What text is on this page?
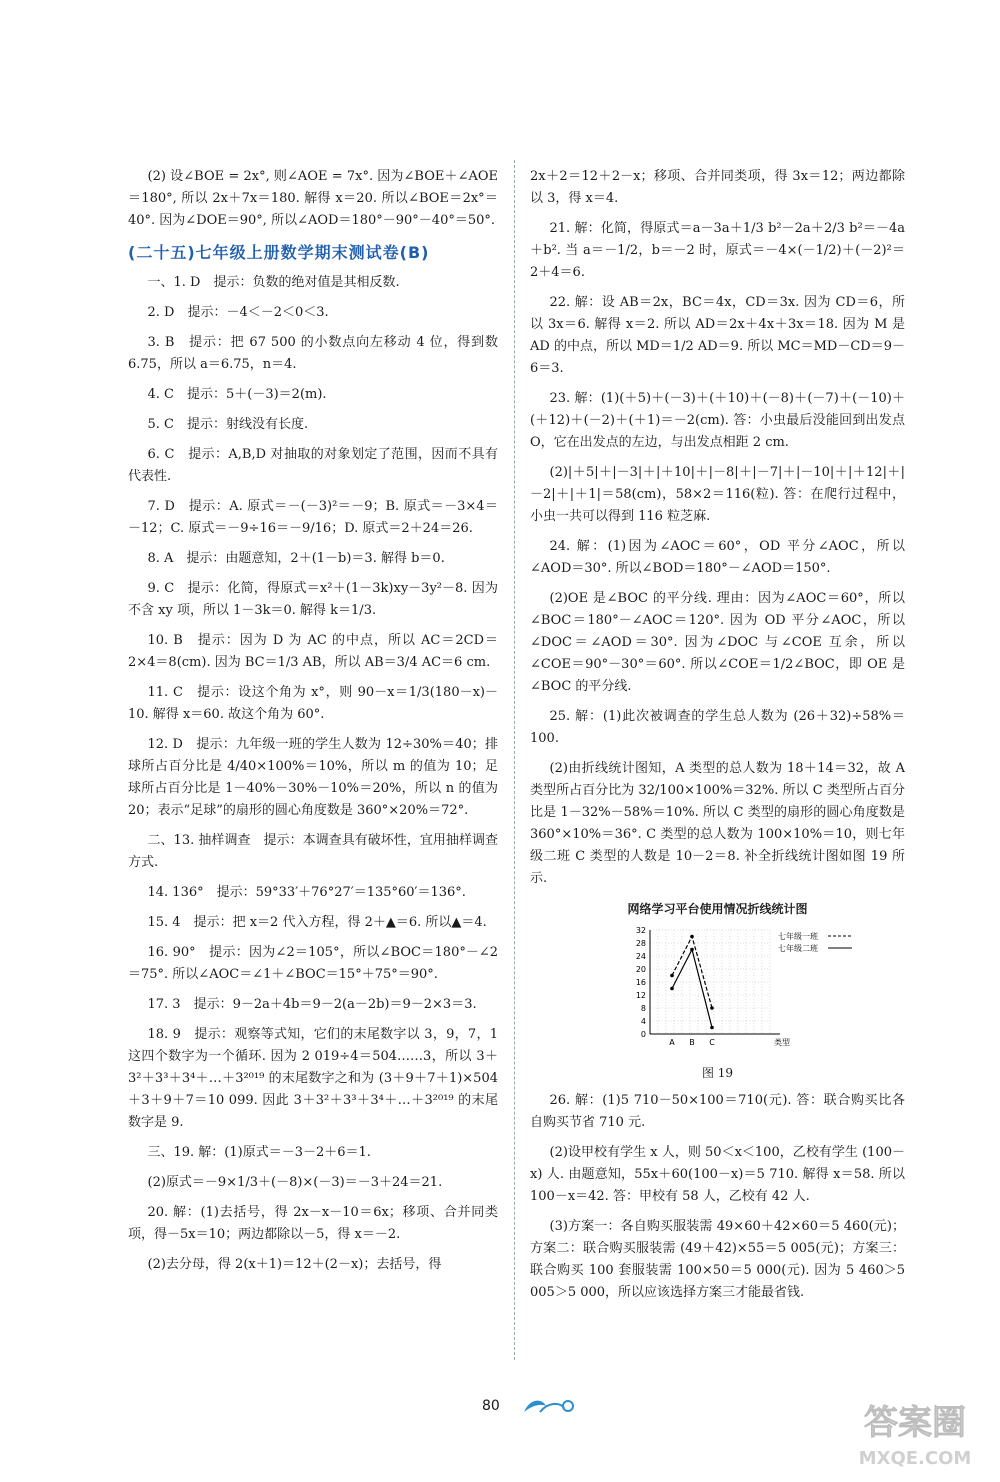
(2) 设∠BOE = 2x°, 则∠AOE = 7x°. 因为∠BOE＋∠AOE＝180°, 所以 2x＋7x＝180. 解得 x＝20. 所以∠BOE＝2x°＝40°. 因为∠DOE＝90°, 所以∠AOD＝180°－90°－40°＝50°.

(二十五)七年级上册数学期末测试卷(B)

一、1. D　提示：负数的绝对值是其相反数.

2. D　提示：－4＜－2＜0＜3.

3. B　提示：把 67 500 的小数点向左移动 4 位，得到数 6.75，所以 a＝6.75，n＝4.

4. C　提示：5＋(－3)＝2(m).

5. C　提示：射线没有长度.

6. C　提示：A,B,D 对抽取的对象划定了范围，因而不具有代表性.

7. D　提示：A. 原式＝－(－3)²＝－9；B. 原式＝－3×4＝－12；C. 原式＝－9÷16＝－9/16；D. 原式＝2＋24＝26.

8. A　提示：由题意知，2＋(1－b)＝3. 解得 b＝0.

9. C　提示：化简，得原式＝x²＋(1－3k)xy－3y²－8. 因为不含 xy 项，所以 1－3k＝0. 解得 k＝1/3.

10. B　提示：因为 D 为 AC 的中点，所以 AC＝2CD＝2×4＝8(cm). 因为 BC＝1/3 AB，所以 AB＝3/4 AC＝6 cm.

11. C　提示：设这个角为 x°，则 90－x＝1/3(180－x)－10. 解得 x＝60. 故这个角为 60°.

12. D　提示：九年级一班的学生人数为 12÷30%＝40；排球所占百分比是 4/40×100%＝10%，所以 m 的值为 10；足球所占百分比是 1－40%－30%－10%＝20%，所以 n 的值为 20；表示“足球”的扇形的圆心角度数是 360°×20%＝72°.

二、13. 抽样调查　提示：本调查具有破坏性，宜用抽样调查方式.

14. 136°　提示：59°33′＋76°27′＝135°60′＝136°.

15. 4　提示：把 x＝2 代入方程，得 2＋▲＝6. 所以▲＝4.

16. 90°　提示：因为∠2＝105°，所以∠BOC＝180°－∠2＝75°. 所以∠AOC＝∠1＋∠BOC＝15°＋75°＝90°.

17. 3　提示：9－2a＋4b＝9－2(a－2b)＝9－2×3＝3.

18. 9　提示：观察等式知，它们的末尾数字以 3，9，7，1 这四个数字为一个循环. 因为 2 019÷4＝504……3，所以 3＋3²＋3³＋3⁴＋…＋3²⁰¹⁹ 的末尾数字之和为 (3＋9＋7＋1)×504＋3＋9＋7＝10 099. 因此 3＋3²＋3³＋3⁴＋…＋3²⁰¹⁹ 的末尾数字是 9.

三、19. 解：(1)原式＝－3－2＋6＝1.

(2)原式＝－9×1/3＋(－8)×(－3)＝－3＋24＝21.

20. 解：(1)去括号，得 2x－x－10＝6x；移项、合并同类项，得－5x＝10；两边都除以－5，得 x＝－2.

(2)去分母，得 2(x＋1)＝12＋(2－x)；去括号，得

2x＋2＝12＋2－x；移项、合并同类项，得 3x＝12；两边都除以 3，得 x＝4.

21. 解：化简，得原式＝a－3a＋1/3 b²－2a＋2/3 b²＝－4a＋b². 当 a＝－1/2，b＝－2 时，原式＝－4×(－1/2)＋(－2)²＝2＋4＝6.

22. 解：设 AB＝2x，BC＝4x，CD＝3x. 因为 CD＝6，所以 3x＝6. 解得 x＝2. 所以 AD＝2x＋4x＋3x＝18. 因为 M 是 AD 的中点，所以 MD＝1/2 AD＝9. 所以 MC＝MD－CD＝9－6＝3.

23. 解：(1)(＋5)＋(－3)＋(＋10)＋(－8)＋(－7)＋(－10)＋(＋12)＋(－2)＋(＋1)＝－2(cm). 答：小虫最后没能回到出发点 O，它在出发点的左边，与出发点相距 2 cm.

(2)|＋5|＋|－3|＋|＋10|＋|－8|＋|－7|＋|－10|＋|＋12|＋|－2|＋|＋1|＝58(cm)，58×2＝116(粒). 答：在爬行过程中，小虫一共可以得到 116 粒芝麻.

24. 解：(1)因为∠AOC＝60°，OD 平分∠AOC，所以∠AOD＝30°. 所以∠BOD＝180°－∠AOD＝150°.

(2)OE 是∠BOC 的平分线. 理由：因为∠AOC＝60°，所以∠BOC＝180°－∠AOC＝120°. 因为 OD 平分∠AOC，所以∠DOC＝∠AOD＝30°. 因为∠DOC 与∠COE 互余，所以∠COE＝90°－30°＝60°. 所以∠COE＝1/2∠BOC，即 OE 是∠BOC 的平分线.

25. 解：(1)此次被调查的学生总人数为 (26＋32)÷58%＝100.

(2)由折线统计图知，A 类型的总人数为 18＋14＝32，故 A 类型所占百分比为 32/100×100%＝32%. 所以 C 类型所占百分比是 1－32%－58%＝10%. 所以 C 类型的扇形的圆心角度数是 360°×10%＝36°. C 类型的总人数为 100×10%＝10，则七年级二班 C 类型的人数是 10－2＝8. 补全折线统计图如图 19 所示.

网络学习平台使用情况折线统计图
0
4
8
12
16
20
24
28
32
A B C	类型
七年级一班
七年级二班
图 19

26. 解：(1)5 710－50×100＝710(元). 答：联合购买比各自购买节省 710 元.

(2)设甲校有学生 x 人，则 50＜x＜100，乙校有学生 (100－x) 人. 由题意知，55x＋60(100－x)＝5 710. 解得 x＝58. 所以 100－x＝42. 答：甲校有 58 人，乙校有 42 人.

(3)方案一：各自购买服装需 49×60＋42×60＝5 460(元)；方案二：联合购买服装需 (49＋42)×55＝5 005(元)；方案三：联合购买 100 套服装需 100×50＝5 000(元). 因为 5 460＞5 005＞5 000，所以应该选择方案三才能最省钱.

80	答案圈
MXQE.COM
